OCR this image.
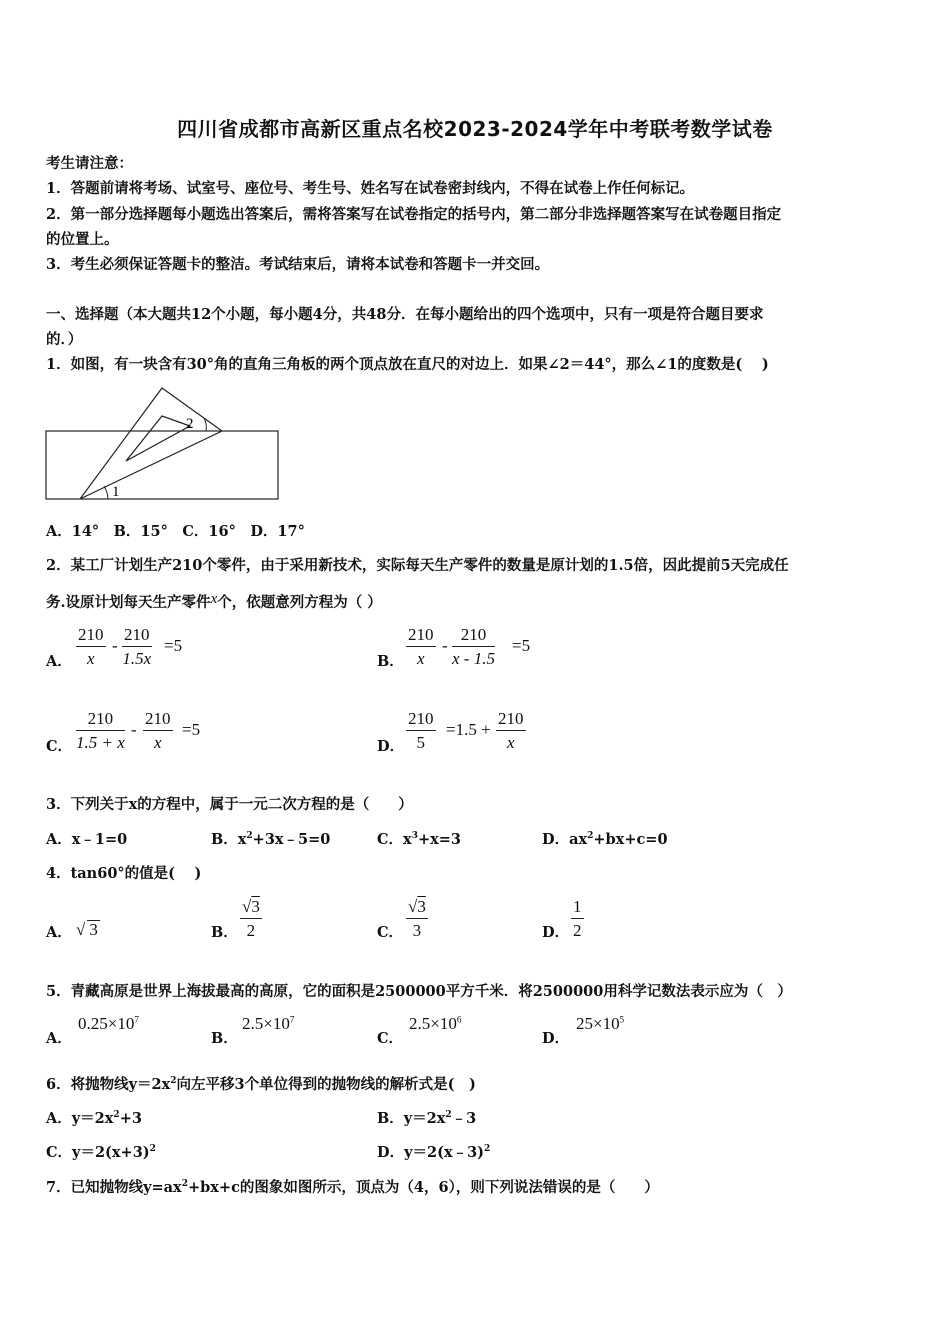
四川省成都市高新区重点名校2023-2024学年中考联考数学试卷
考生请注意：
1．答题前请将考场、试室号、座位号、考生号、姓名写在试卷密封线内，不得在试卷上作任何标记。
2．第一部分选择题每小题选出答案后，需将答案写在试卷指定的括号内，第二部分非选择题答案写在试卷题目指定
的位置上。
3．考生必须保证答题卡的整洁。考试结束后，请将本试卷和答题卡一并交回。
一、选择题（本大题共12个小题，每小题4分，共48分．在每小题给出的四个选项中，只有一项是符合题目要求
的．）
1．如图，有一块含有30°角的直角三角板的两个顶点放在直尺的对边上．如果∠2＝44°，那么∠1的度数是(　 )
1
2
A．14°　B．15°　C．16°　D．17°
2．某工厂计划生产210个零件，由于采用新技术，实际每天生产零件的数量是原计划的1.5倍，因此提前5天完成任
务.设原计划每天生产零件x个，依题意列方程为（ ）
A． $\frac{210}{x} - \frac{210}{1.5x} =5$
B． $\frac{210}{x} - \frac{210}{x - 1.5} =5$
C． $\frac{210}{1.5 + x} - \frac{210}{x} =5$
D． $\frac{210}{5} =1.5 + \frac{210}{x}$
3．下列关于x的方程中，属于一元二次方程的是（　　）
A．x﹣1=0	B．$x^2+3x﹣5=0$	C．$x^3+x=3$	D．$ax^2+bx+c=0$
4．tan60°的值是(　 )
A． √ 3	B． $\frac{√3}{2}$	C． $\frac{√3}{3}$	D． $\frac{1}{2}$
5．青藏高原是世界上海拔最高的高原，它的面积是2500000平方千米．将2500000用科学记数法表示应为（　）
A．
$0.25\times 10^7$
B．
$2.5\times 10^7$
C．
$2.5\times 10^6$
D．
$25\times 10^5$
6．将抛物线$y=2x^2$向左平移3个单位得到的抛物线的解析式是(　)
A．$y=2x^2+3$	B．$y=2x^2﹣3$
C．$y=2(x+3)^2$	D．y＝2(x﹣3)$^2$
7．已知抛物线$y=ax^2+bx+c$的图象如图所示，顶点为（4，6），则下列说法错误的是（　　）
